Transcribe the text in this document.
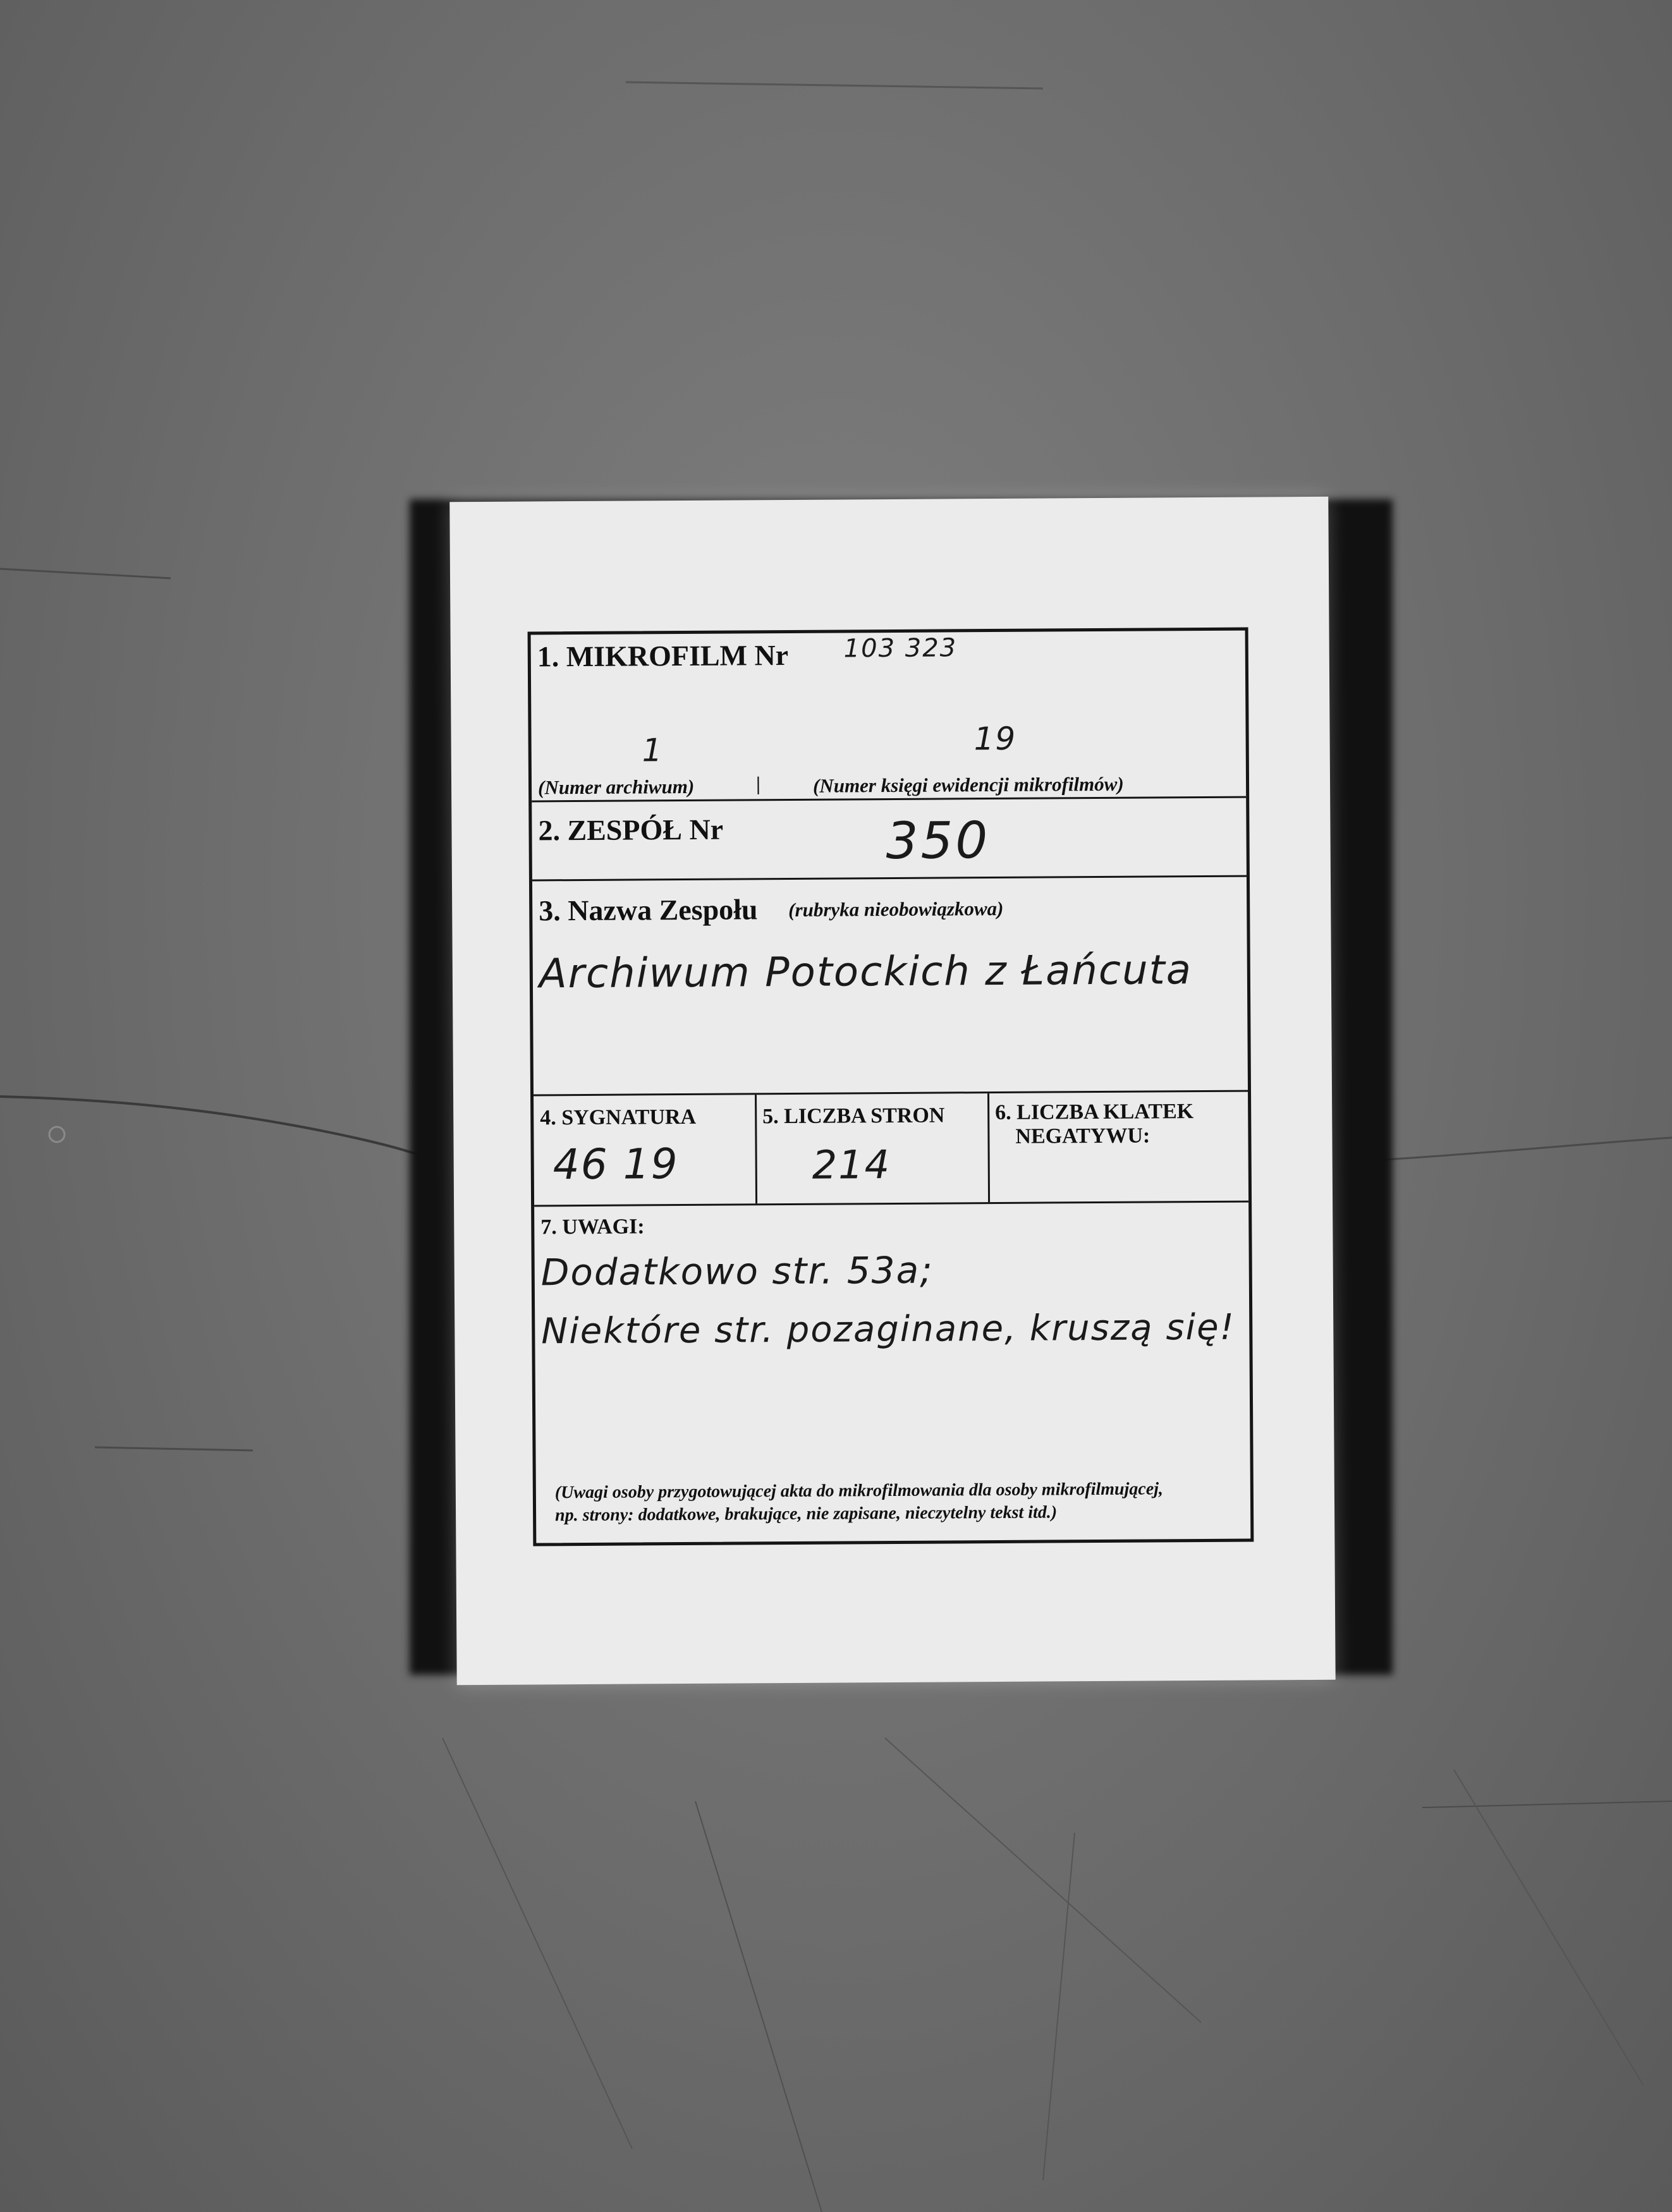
1. MIKROFILM Nr 103 323
1	19
(Numer archiwum)	|	(Numer księgi ewidencji mikrofilmów)
2. ZESPÓŁ Nr	350
3. Nazwa Zespołu (rubryka nieobowiązkowa)
Archiwum Potockich z Łańcuta
4. SYGNATURA
46 19
5. LICZBA STRON
214
6. LICZBA KLATEK
NEGATYWU:
7. UWAGI:
Dodatkowo str. 53a;
Niektóre str. pozaginane, kruszą się!
(Uwagi osoby przygotowującej akta do mikrofilmowania dla osoby mikrofilmującej,
np. strony: dodatkowe, brakujące, nie zapisane, nieczytelny tekst itd.)
